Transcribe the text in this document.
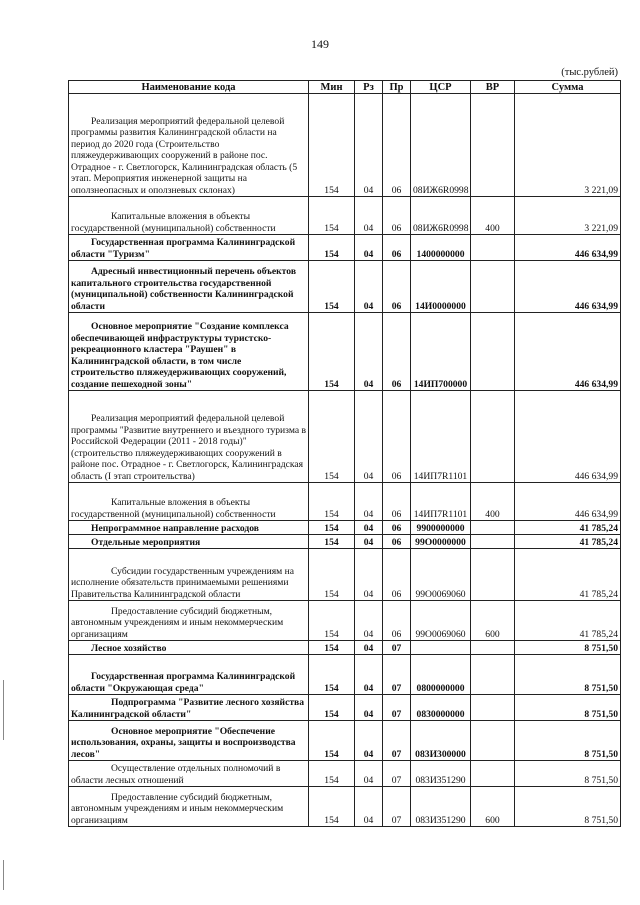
149
(тыс.рублей)
Наименование кода	Мин	Рз	Пр	ЦСР	ВР	Сумма
Реализация мероприятий федеральной целевой программы развития Калининградской области на период до 2020 года (Строительство пляжеудерживающих сооружений в районе пос. Отрадное - г. Светлогорск, Калининградская область (5 этап. Мероприятия инженерной защиты на оползнеопасных и оползневых склонах)	154	04	06	08ИЖ6R0998		3 221,09
Капитальные вложения в объекты государственной (муниципальной) собственности	154	04	06	08ИЖ6R0998	400	3 221,09
Государственная программа Калининградской области "Туризм"	154	04	06	1400000000		446 634,99
Адресный инвестиционный перечень объектов капитального строительства государственной (муниципальной) собственности Калининградской области	154	04	06	14И0000000		446 634,99
Основное мероприятие "Создание комплекса обеспечивающей инфраструктуры туристско-рекреационного кластера "Раушен" в Калининградской области, в том числе строительство пляжеудерживающих сооружений, создание пешеходной зоны"	154	04	06	14ИП700000		446 634,99
Реализация мероприятий федеральной целевой программы "Развитие внутреннего и въездного туризма в Российской Федерации (2011 - 2018 годы)" (строительство пляжеудерживающих сооружений в районе пос. Отрадное - г. Светлогорск, Калининградская область (I этап строительства)	154	04	06	14ИП7R1101		446 634,99
Капитальные вложения в объекты государственной (муниципальной) собственности	154	04	06	14ИП7R1101	400	446 634,99
Непрограммное направление расходов	154	04	06	9900000000		41 785,24
Отдельные мероприятия	154	04	06	99О0000000		41 785,24
Субсидии государственным учреждениям на исполнение обязательств принимаемыми решениями Правительства Калининградской области	154	04	06	99О0069060		41 785,24
Предоставление субсидий бюджетным, автономным учреждениям и иным некоммерческим организациям	154	04	06	99О0069060	600	41 785,24
Лесное хозяйство	154	04	07			8 751,50
Государственная программа Калининградской области "Окружающая среда"	154	04	07	0800000000		8 751,50
Подпрограмма "Развитие лесного хозяйства Калининградской области"	154	04	07	0830000000		8 751,50
Основное мероприятие "Обеспечение использования, охраны, защиты и воспроизводства лесов"	154	04	07	083И300000		8 751,50
Осуществление отдельных полномочий в области лесных отношений	154	04	07	083И351290		8 751,50
Предоставление субсидий бюджетным, автономным учреждениям и иным некоммерческим организациям	154	04	07	083И351290	600	8 751,50
